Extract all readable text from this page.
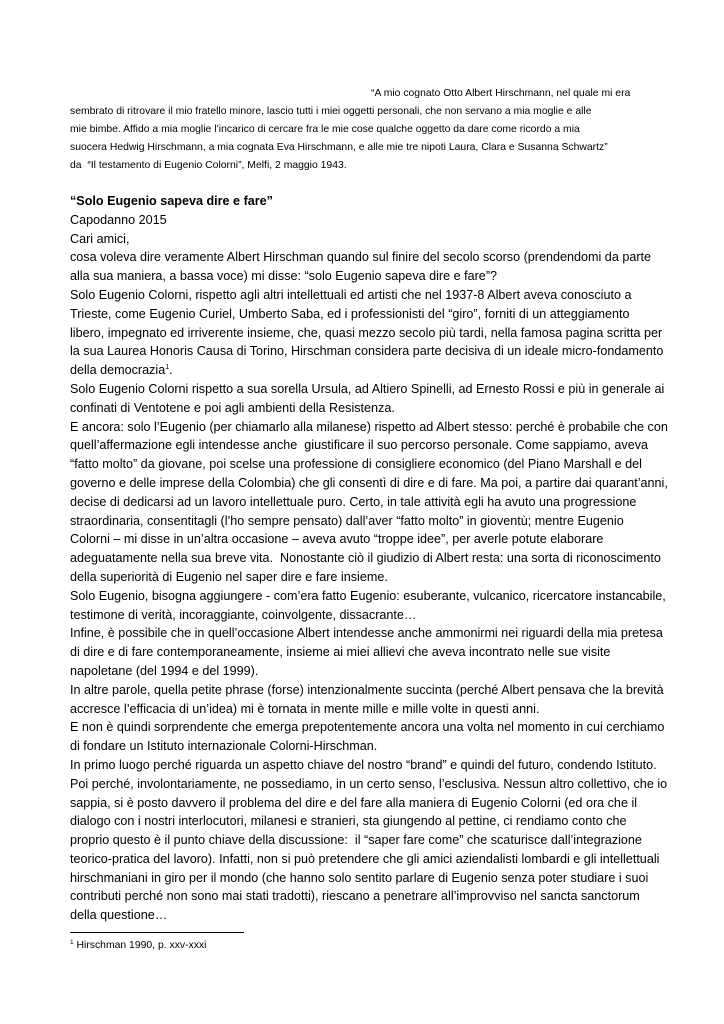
“A mio cognato Otto Albert Hirschmann, nel quale mi era
sembrato di ritrovare il mio fratello minore, lascio tutti i miei oggetti personali, che non servano a mia moglie e alle
mie bimbe. Affido a mia moglie l’incarico di cercare fra le mie cose qualche oggetto da dare come ricordo a mia
suocera Hedwig Hirschmann, a mia cognata Eva Hirschmann, e alle mie tre nipoti Laura, Clara e Susanna Schwartz”
da  “Il testamento di Eugenio Colorni”, Melfi, 2 maggio 1943.
“Solo Eugenio sapeva dire e fare”
Capodanno 2015
Cari amici,
cosa voleva dire veramente Albert Hirschman quando sul finire del secolo scorso (prendendomi da parte
alla sua maniera, a bassa voce) mi disse: “solo Eugenio sapeva dire e fare”?
Solo Eugenio Colorni, rispetto agli altri intellettuali ed artisti che nel 1937-8 Albert aveva conosciuto a
Trieste, come Eugenio Curiel, Umberto Saba, ed i professionisti del “giro”, forniti di un atteggiamento
libero, impegnato ed irriverente insieme, che, quasi mezzo secolo più tardi, nella famosa pagina scritta per
la sua Laurea Honoris Causa di Torino, Hirschman considera parte decisiva di un ideale micro-fondamento
della democrazia$^1$.
Solo Eugenio Colorni rispetto a sua sorella Ursula, ad Altiero Spinelli, ad Ernesto Rossi e più in generale ai
confinati di Ventotene e poi agli ambienti della Resistenza.
E ancora: solo l’Eugenio (per chiamarlo alla milanese) rispetto ad Albert stesso: perché è probabile che con
quell’affermazione egli intendesse anche  giustificare il suo percorso personale. Come sappiamo, aveva
“fatto molto” da giovane, poi scelse una professione di consigliere economico (del Piano Marshall e del
governo e delle imprese della Colombia) che gli consentì di dire e di fare. Ma poi, a partire dai quarant’anni,
decise di dedicarsi ad un lavoro intellettuale puro. Certo, in tale attività egli ha avuto una progressione
straordinaria, consentitagli (l’ho sempre pensato) dall’aver “fatto molto” in gioventù; mentre Eugenio
Colorni – mi disse in un’altra occasione – aveva avuto “troppe idee”, per averle potute elaborare
adeguatamente nella sua breve vita.  Nonostante ciò il giudizio di Albert resta: una sorta di riconoscimento
della superiorità di Eugenio nel saper dire e fare insieme.
Solo Eugenio, bisogna aggiungere - com’era fatto Eugenio: esuberante, vulcanico, ricercatore instancabile,
testimone di verità, incoraggiante, coinvolgente, dissacrante…
Infine, è possibile che in quell’occasione Albert intendesse anche ammonirmi nei riguardi della mia pretesa
di dire e di fare contemporaneamente, insieme ai miei allievi che aveva incontrato nelle sue visite
napoletane (del 1994 e del 1999).
In altre parole, quella petite phrase (forse) intenzionalmente succinta (perché Albert pensava che la brevità
accresce l’efficacia di un’idea) mi è tornata in mente mille e mille volte in questi anni.
E non è quindi sorprendente che emerga prepotentemente ancora una volta nel momento in cui cerchiamo
di fondare un Istituto internazionale Colorni-Hirschman.
In primo luogo perché riguarda un aspetto chiave del nostro “brand” e quindi del futuro, condendo Istituto.
Poi perché, involontariamente, ne possediamo, in un certo senso, l’esclusiva. Nessun altro collettivo, che io
sappia, si è posto davvero il problema del dire e del fare alla maniera di Eugenio Colorni (ed ora che il
dialogo con i nostri interlocutori, milanesi e stranieri, sta giungendo al pettine, ci rendiamo conto che
proprio questo è il punto chiave della discussione:  il “saper fare come” che scaturisce dall’integrazione
teorico-pratica del lavoro). Infatti, non si può pretendere che gli amici aziendalisti lombardi e gli intellettuali
hirschmaniani in giro per il mondo (che hanno solo sentito parlare di Eugenio senza poter studiare i suoi
contributi perché non sono mai stati tradotti), riescano a penetrare all’improvviso nel sancta sanctorum
della questione…
$^1$ Hirschman 1990, p. xxv-xxxi
